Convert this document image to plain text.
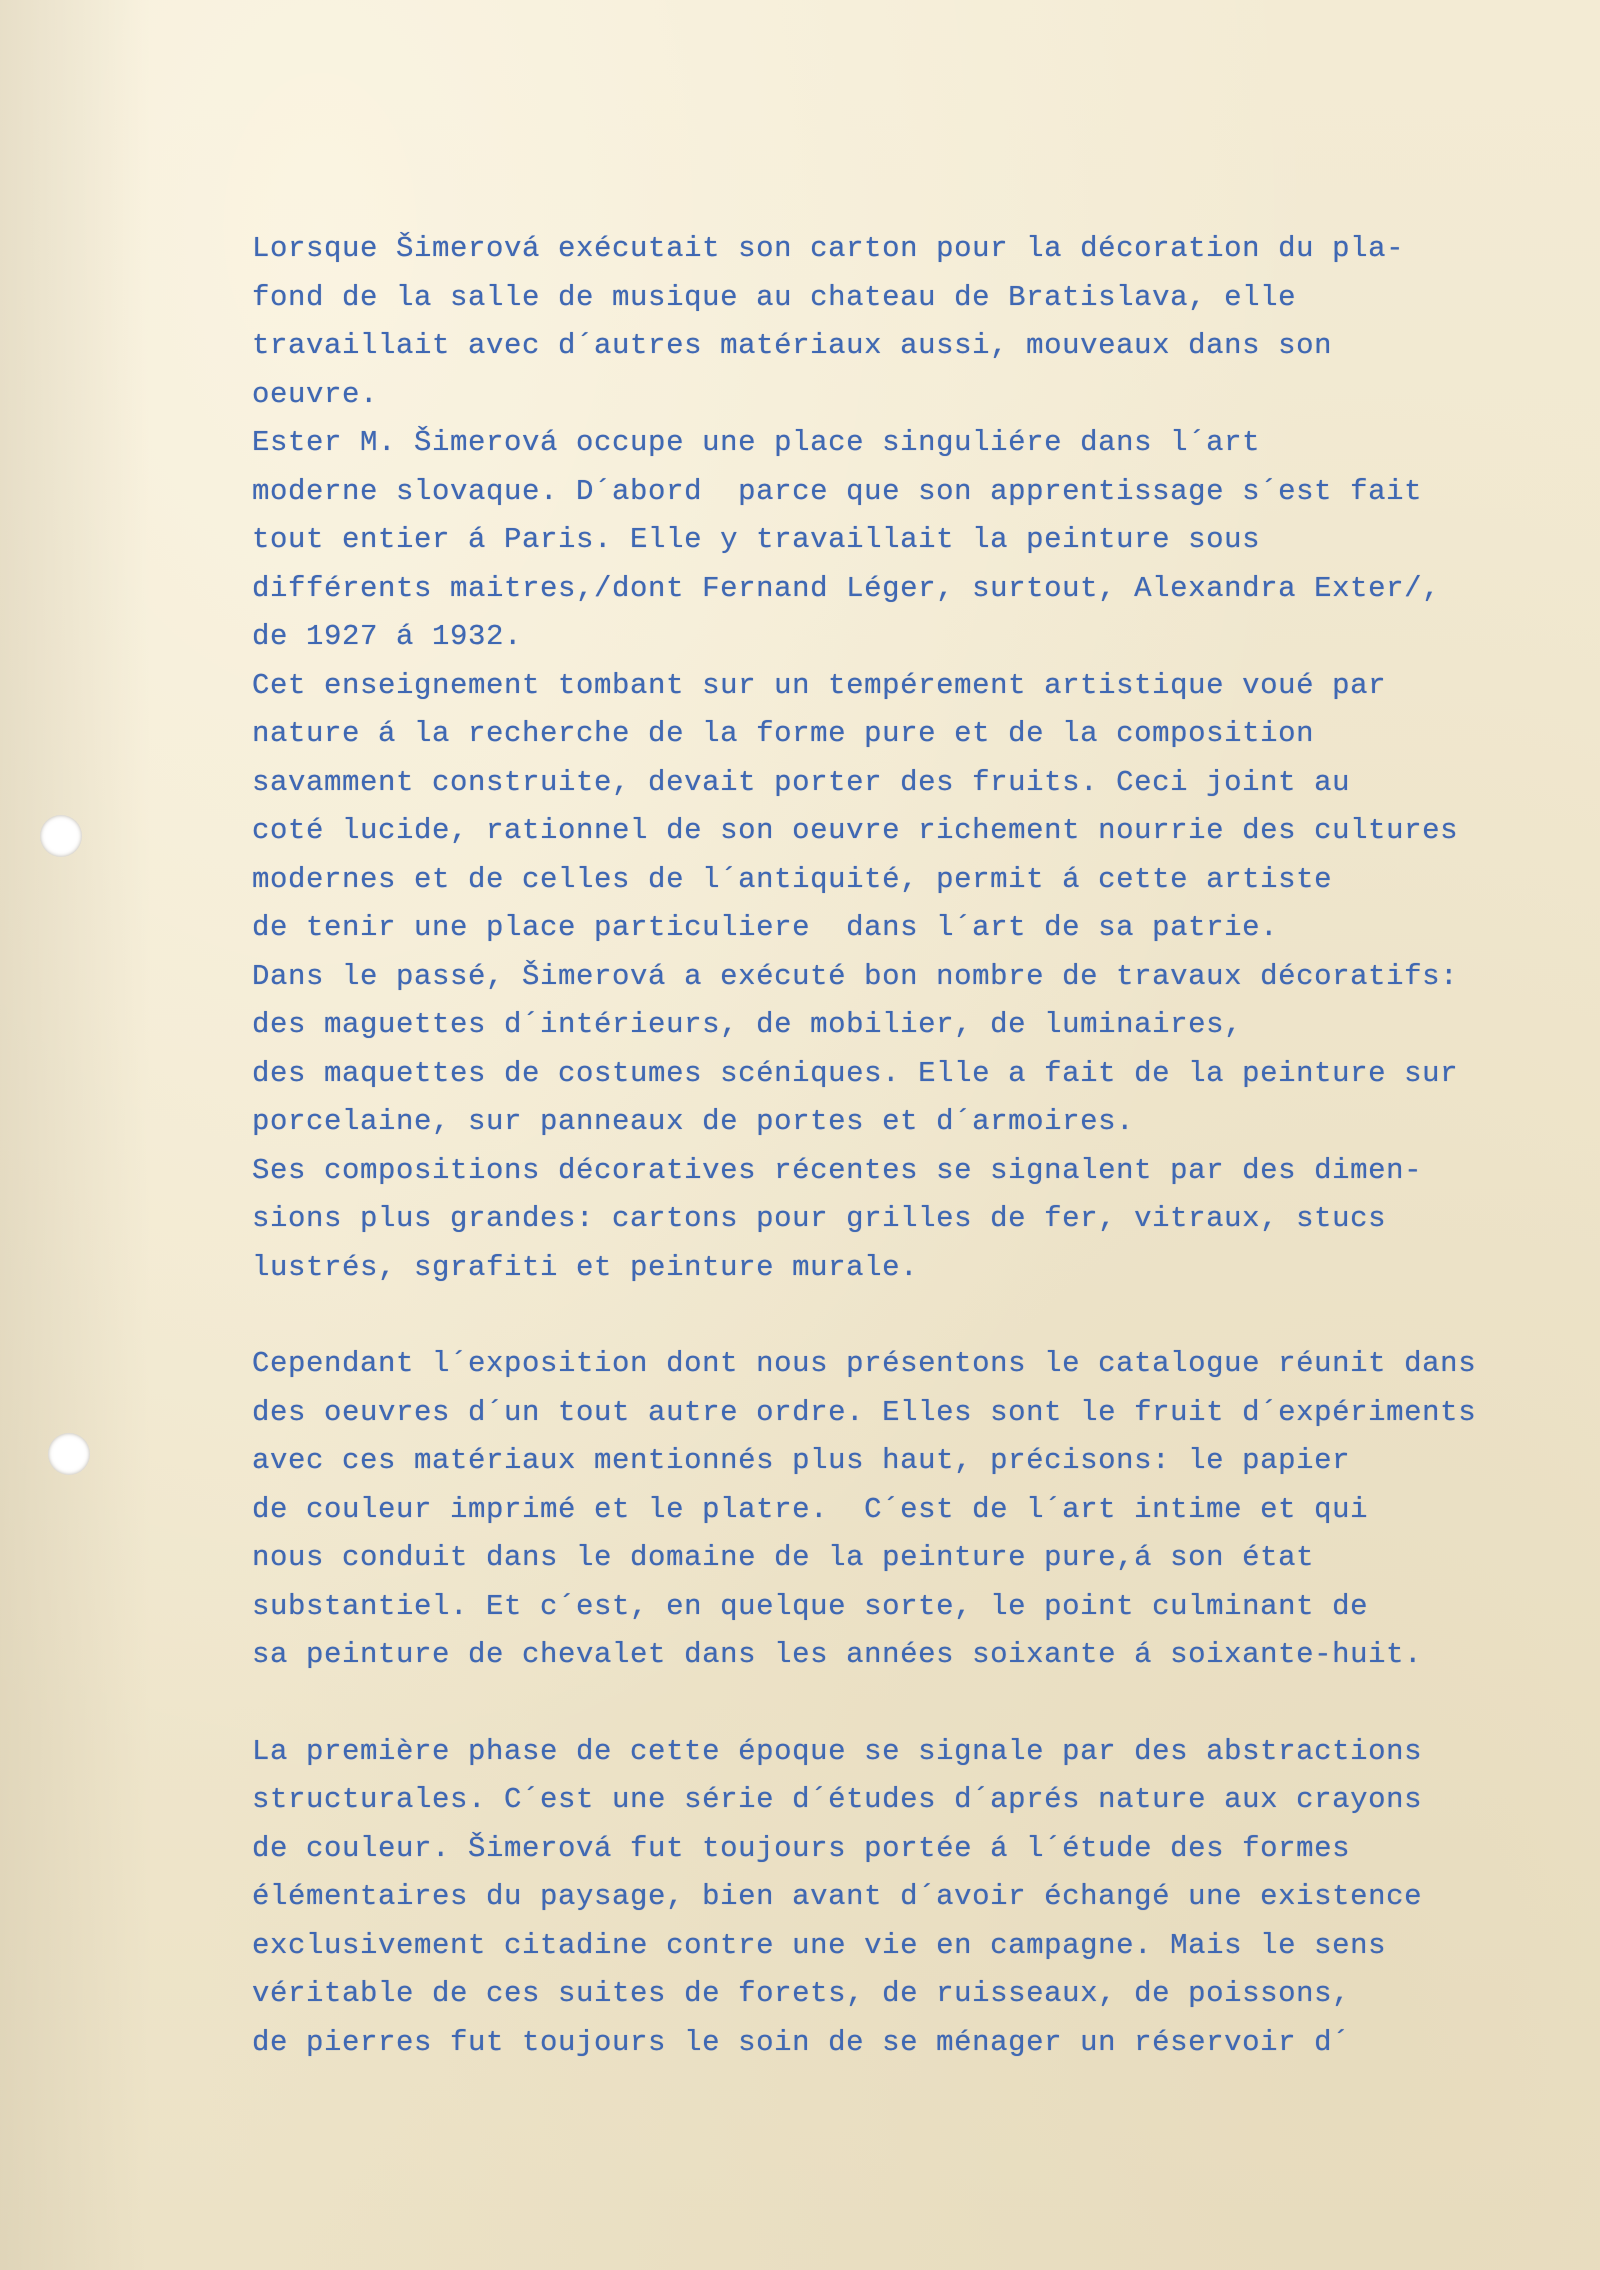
Lorsque Šimerová exécutait son carton pour la décoration du pla-
fond de la salle de musique au chateau de Bratislava, elle
travaillait avec d´autres matériaux aussi, mouveaux dans son
oeuvre.
Ester M. Šimerová occupe une place singuliére dans l´art
moderne slovaque. D´abord  parce que son apprentissage s´est fait
tout entier á Paris. Elle y travaillait la peinture sous
différents maitres,/dont Fernand Léger, surtout, Alexandra Exter/,
de 1927 á 1932.
Cet enseignement tombant sur un tempérement artistique voué par
nature á la recherche de la forme pure et de la composition
savamment construite, devait porter des fruits. Ceci joint au
coté lucide, rationnel de son oeuvre richement nourrie des cultures
modernes et de celles de l´antiquité, permit á cette artiste
de tenir une place particuliere  dans l´art de sa patrie.
Dans le passé, Šimerová a exécuté bon nombre de travaux décoratifs:
des maguettes d´intérieurs, de mobilier, de luminaires,
des maquettes de costumes scéniques. Elle a fait de la peinture sur
porcelaine, sur panneaux de portes et d´armoires.
Ses compositions décoratives récentes se signalent par des dimen-
sions plus grandes: cartons pour grilles de fer, vitraux, stucs
lustrés, sgrafiti et peinture murale.
Cependant l´exposition dont nous présentons le catalogue réunit dans
des oeuvres d´un tout autre ordre. Elles sont le fruit d´expériments
avec ces matériaux mentionnés plus haut, précisons: le papier
de couleur imprimé et le platre.  C´est de l´art intime et qui
nous conduit dans le domaine de la peinture pure,á son état
substantiel. Et c´est, en quelque sorte, le point culminant de
sa peinture de chevalet dans les années soixante á soixante-huit.
La première phase de cette époque se signale par des abstractions
structurales. C´est une série d´études d´aprés nature aux crayons
de couleur. Šimerová fut toujours portée á l´étude des formes
élémentaires du paysage, bien avant d´avoir échangé une existence
exclusivement citadine contre une vie en campagne. Mais le sens
véritable de ces suites de forets, de ruisseaux, de poissons,
de pierres fut toujours le soin de se ménager un réservoir d´
